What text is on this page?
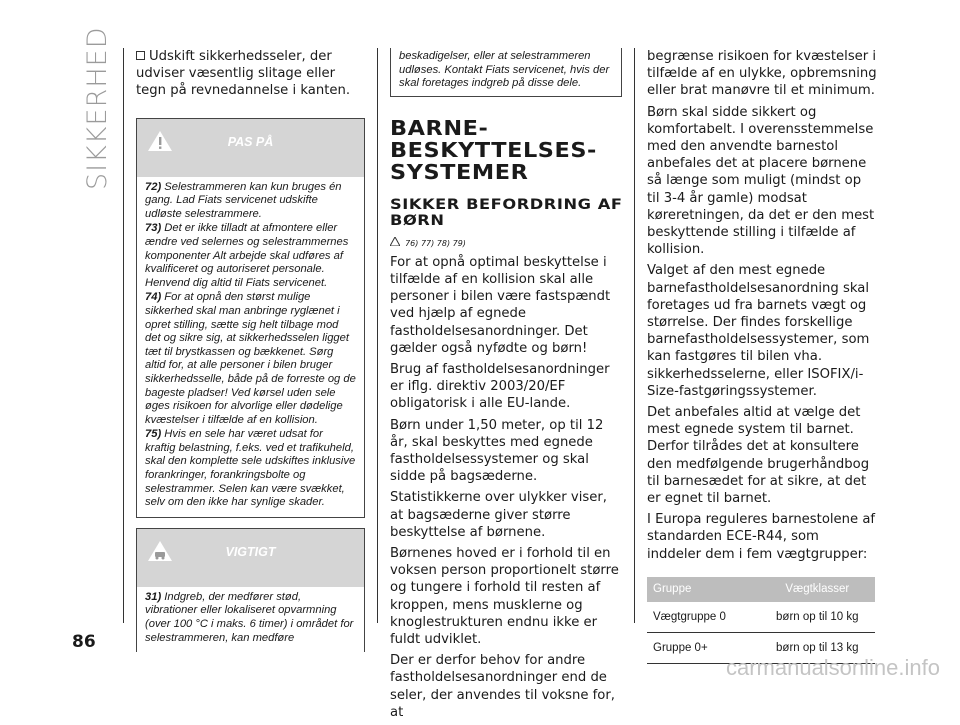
SIKKERHED
86

Udskift sikkerhedsseler, der udviser væsentlig slitage eller tegn på revnedannelse i kanten.

PAS PÅ

72) Selestrammeren kan kun bruges én gang. Lad Fiats servicenet udskifte udløste selestrammere.

73) Det er ikke tilladt at afmontere eller ændre ved selernes og selestrammernes komponenter Alt arbejde skal udføres af kvalificeret og autoriseret personale. Henvend dig altid til Fiats servicenet.

74) For at opnå den størst mulige sikkerhed skal man anbringe ryglænet i opret stilling, sætte sig helt tilbage mod det og sikre sig, at sikkerhedsselen ligget tæt til brystkassen og bækkenet. Sørg altid for, at alle personer i bilen bruger sikkerhedsselle, både på de forreste og de bageste pladser! Ved kørsel uden sele øges risikoen for alvorlige eller dødelige kvæstelser i tilfælde af en kollision.

75) Hvis en sele har været udsat for kraftig belastning, f.eks. ved et trafikuheld, skal den komplette sele udskiftes inklusive forankringer, forankringsbolte og selestrammer. Selen kan være svækket, selv om den ikke har synlige skader.

VIGTIGT

31) Indgreb, der medfører stød, vibrationer eller lokaliseret opvarmning (over 100 °C i maks. 6 timer) i området for selestrammeren, kan medføre

beskadigelser, eller at selestrammeren udløses. Kontakt Fiats servicenet, hvis der skal foretages indgreb på disse dele.

BARNE-

BESKYTTELSES-

SYSTEMER

SIKKER BEFORDRING AF

BØRN

76) 77) 78) 79)

For at opnå optimal beskyttelse i tilfælde af en kollision skal alle personer i bilen være fastspændt ved hjælp af egnede fastholdelsesanordninger. Det gælder også nyfødte og børn!

Brug af fastholdelsesanordninger er iflg. direktiv 2003/20/EF obligatorisk i alle EU-lande.

Børn under 1,50 meter, op til 12 år, skal beskyttes med egnede fastholdelsessystemer og skal sidde på bagsæderne.

Statistikkerne over ulykker viser, at bagsæderne giver større beskyttelse af børnene.

Børnenes hoved er i forhold til en voksen person proportionelt større og tungere i forhold til resten af kroppen, mens musklerne og knoglestrukturen endnu ikke er fuldt udviklet.

Der er derfor behov for andre fastholdelsesanordninger end de seler, der anvendes til voksne for, at

begrænse risikoen for kvæstelser i tilfælde af en ulykke, opbremsning eller brat manøvre til et minimum.

Børn skal sidde sikkert og komfortabelt. I overensstemmelse med den anvendte barnestol anbefales det at placere børnene så længe som muligt (mindst op til 3-4 år gamle) modsat køreretningen, da det er den mest beskyttende stilling i tilfælde af kollision.

Valget af den mest egnede barnefastholdelsesanordning skal foretages ud fra barnets vægt og størrelse. Der findes forskellige barnefastholdelsessystemer, som kan fastgøres til bilen vha. sikkerhedsselerne, eller ISOFIX/i-Size-fastgøringssystemer.

Det anbefales altid at vælge det mest egnede system til barnet. Derfor tilrådes det at konsultere den medfølgende brugerhåndbog til barnesædet for at sikre, at det er egnet til barnet.

I Europa reguleres barnestolene af standarden ECE-R44, som inddeler dem i fem vægtgrupper:

Gruppe	Vægtklasser
Vægtgruppe 0	børn op til 10 kg
Gruppe 0+	børn op til 13 kg
carmanualsonline.info
